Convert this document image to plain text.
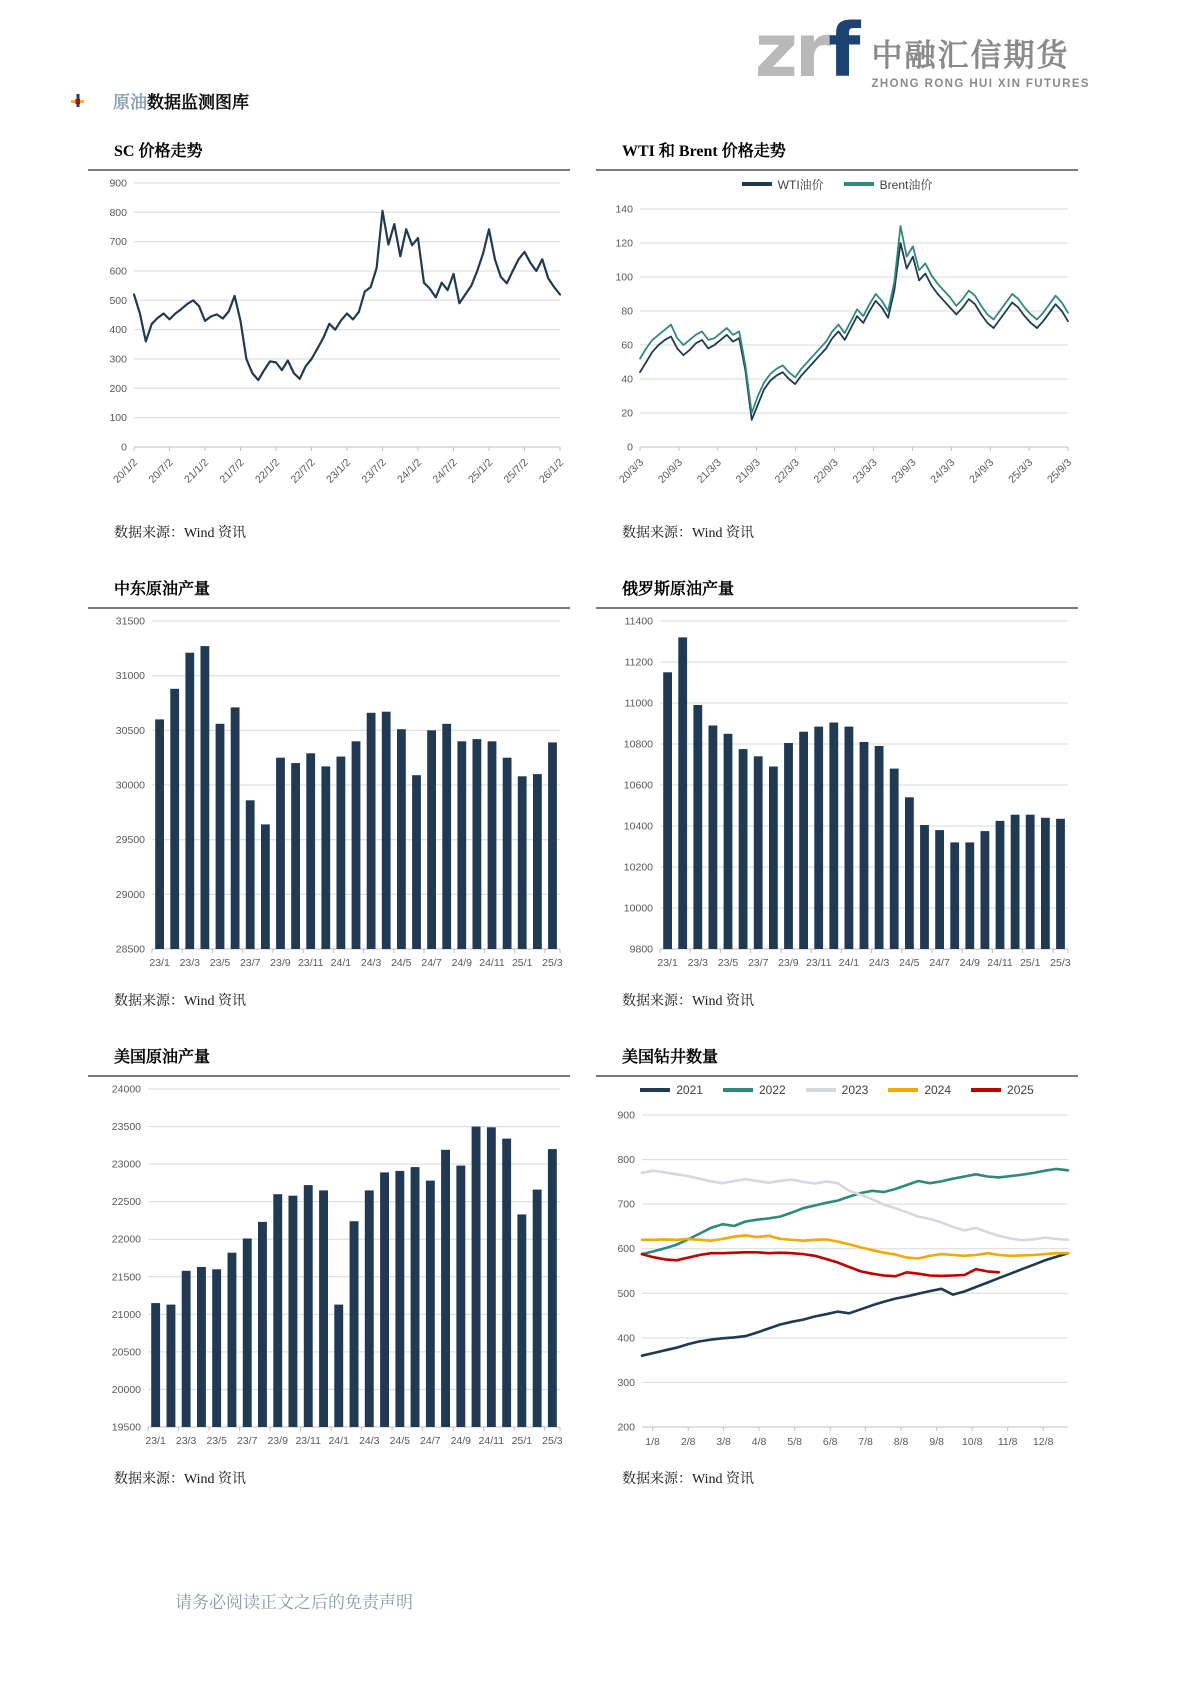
zrf 中融汇信期货
ZHONG RONG HUI XIN FUTURES
原油数据监测图库
SC 价格走势
0
100
200
300
400
500
600
700
800
900
20/1/2 20/7/2 21/1/2 21/7/2 22/1/2 22/7/2 23/1/2 23/7/2 24/1/2 24/7/2 25/1/2 25/7/2 26/1/2
数据来源：Wind 资讯
WTI 和 Brent 价格走势
WTI油价	Brent油价
0
20
40
60
80
100
120
140
20/3/3 20/9/3 21/3/3 21/9/3 22/3/3 22/9/3 23/3/3 23/9/3 24/3/3 24/9/3 25/3/3 25/9/3
数据来源：Wind 资讯
中东原油产量
28500
29000
29500
30000
30500
31000
31500
23/1 23/3 23/5 23/7 23/9 23/11 24/1 24/3 24/5 24/7 24/9 24/11 25/1 25/3
数据来源：Wind 资讯
俄罗斯原油产量
9800
10000
10200
10400
10600
10800
11000
11200
11400
23/1 23/3 23/5 23/7 23/9 23/11 24/1 24/3 24/5 24/7 24/9 24/11 25/1 25/3
数据来源：Wind 资讯
美国原油产量
19500
20000
20500
21000
21500
22000
22500
23000
23500
24000
23/1 23/3 23/5 23/7 23/9 23/11 24/1 24/3 24/5 24/7 24/9 24/11 25/1 25/3
数据来源：Wind 资讯
美国钻井数量
2021	2022	2023	2024	2025
200
300
400
500
600
700
800
900
1/8 2/8 3/8 4/8 5/8 6/8 7/8 8/8 9/8 10/8 11/8 12/8
数据来源：Wind 资讯
请务必阅读正文之后的免责声明
